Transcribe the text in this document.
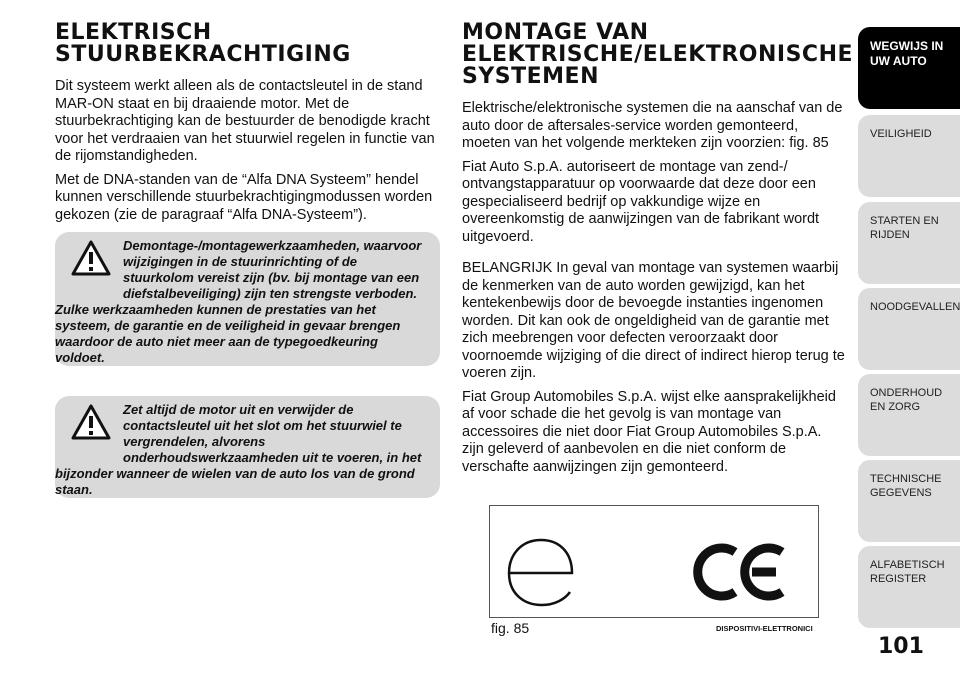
ELEKTRISCH
STUURBEKRACHTIGING

Dit systeem werkt alleen als de contactsleutel in de stand MAR-ON staat en bij draaiende motor. Met de stuurbekrachtiging kan de bestuurder de benodigde kracht voor het verdraaien van het stuurwiel regelen in functie van de rijomstandigheden.

Met de DNA-standen van de “Alfa DNA Systeem” hendel kunnen verschillende stuurbekrachtigingmodussen worden gekozen (zie de paragraaf “Alfa DNA-Systeem”).

Demontage-/montagewerkzaamheden, waarvoor wijzigingen in de stuurinrichting of de stuurkolom vereist zijn (bv. bij montage van een diefstalbeveiliging) zijn ten strengste verboden. Zulke werkzaamheden kunnen de prestaties van het systeem, de garantie en de veiligheid in gevaar brengen waardoor de auto niet meer aan de typegoedkeuring voldoet.

Zet altijd de motor uit en verwijder de contactsleutel uit het slot om het stuurwiel te vergrendelen, alvorens onderhoudswerkzaamheden uit te voeren, in het bijzonder wanneer de wielen van de auto los van de grond staan.

MONTAGE VAN
ELEKTRISCHE/ELEKTRONISCHE
SYSTEMEN

Elektrische/elektronische systemen die na aanschaf van de auto door de aftersales-service worden gemonteerd, moeten van het volgende merkteken zijn voorzien: fig. 85

Fiat Auto S.p.A. autoriseert de montage van zend-/ ontvangstapparatuur op voorwaarde dat deze door een gespecialiseerd bedrijf op vakkundige wijze en overeenkomstig de aanwijzingen van de fabrikant wordt uitgevoerd.

BELANGRIJK In geval van montage van systemen waarbij de kenmerken van de auto worden gewijzigd, kan het kentekenbewijs door de bevoegde instanties ingenomen worden. Dit kan ook de ongeldigheid van de garantie met zich meebrengen voor defecten veroorzaakt door voornoemde wijziging of die direct of indirect hierop terug te voeren zijn.

Fiat Group Automobiles S.p.A. wijst elke aansprakelijkheid af voor schade die het gevolg is van montage van accessoires die niet door Fiat Group Automobiles S.p.A. zijn geleverd of aanbevolen en die niet conform de verschafte aanwijzingen zijn gemonteerd.

fig. 85	DISPOSITIVI-ELETTRONICI
WEGWIJS IN UW AUTO
VEILIGHEID
STARTEN EN RIJDEN
NOODGEVALLEN
ONDERHOUD EN ZORG
TECHNISCHE GEGEVENS
ALFABETISCH REGISTER
101
